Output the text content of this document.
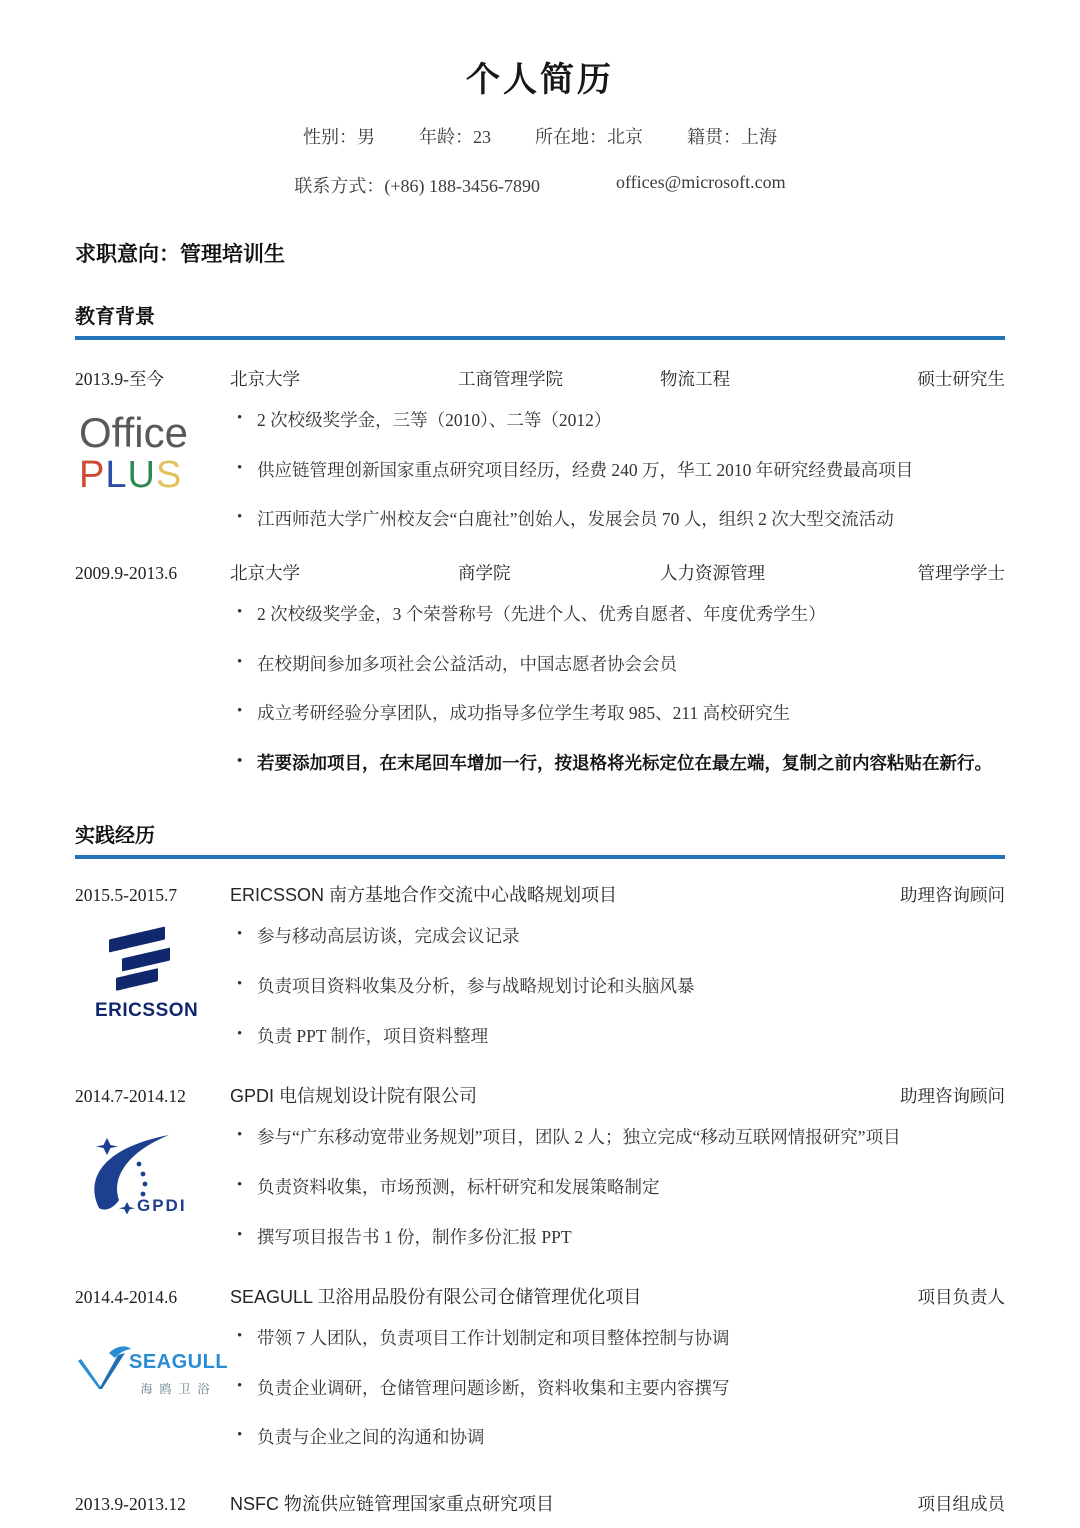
个人简历
性别：男 年龄：23 所在地：北京 籍贯：上海
联系方式：(+86) 188-3456-7890	offices@microsoft.com
求职意向：管理培训生
教育背景
2013.9-至今	北京大学	工商管理学院	物流工程	硕士研究生
Office
PLUS
• 2 次校级奖学金，三等（2010）、二等（2012）
• 供应链管理创新国家重点研究项目经历，经费 240 万，华工 2010 年研究经费最高项目
• 江西师范大学广州校友会“白鹿社”创始人，发展会员 70 人，组织 2 次大型交流活动
2009.9-2013.6	北京大学	商学院	人力资源管理	管理学学士
• 2 次校级奖学金，3 个荣誉称号（先进个人、优秀自愿者、年度优秀学生）
• 在校期间参加多项社会公益活动，中国志愿者协会会员
• 成立考研经验分享团队，成功指导多位学生考取 985、211 高校研究生
• 若要添加项目，在末尾回车增加一行，按退格将光标定位在最左端，复制之前内容粘贴在新行。
实践经历
2015.5-2015.7	ERICSSON 南方基地合作交流中心战略规划项目	助理咨询顾问
ERICSSON
• 参与移动高层访谈，完成会议记录
• 负责项目资料收集及分析，参与战略规划讨论和头脑风暴
• 负责 PPT 制作，项目资料整理
2014.7-2014.12	GPDI 电信规划设计院有限公司	助理咨询顾问
GPDI
• 参与“广东移动宽带业务规划”项目，团队 2 人；独立完成“移动互联网情报研究”项目
• 负责资料收集，市场预测，标杆研究和发展策略制定
• 撰写项目报告书 1 份，制作多份汇报 PPT
2014.4-2014.6	SEAGULL 卫浴用品股份有限公司仓储管理优化项目	项目负责人
SEAGULL
海鸥卫浴
• 带领 7 人团队，负责项目工作计划制定和项目整体控制与协调
• 负责企业调研，仓储管理问题诊断，资料收集和主要内容撰写
• 负责与企业之间的沟通和协调
2013.9-2013.12	NSFC 物流供应链管理国家重点研究项目	项目组成员
